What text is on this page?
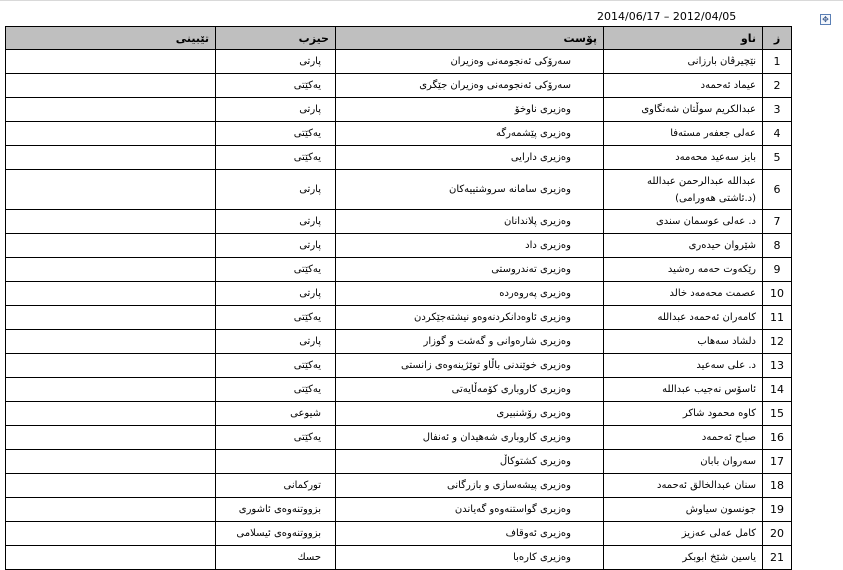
2014/06/17 – 2012/04/05	✥
ز	ناو	پۆست	حیزب	تێبینی
1	نێچیرڤان بارزانی	سەرۆکی ئەنجومەنی وەزیران	پارتی	
2	عیماد ئەحمەد	سەرۆکی ئەنجومەنی وەزیران جێگری	یەکێتی	
3	عبدالکریم سوڵتان شەنگاوی	وەزیری ناوخۆ	پارتی	
4	عەلی جعفەر مستەفا	وەزیری پێشمەرگە	یەکێتی	
5	بایز سەعید محەمەد	وەزیری دارایی	یەکێتی	
6	عبدالله عبدالرحمن عبدالله (د.ئاشتی هەورامی)	وەزیری سامانە سروشتییەکان	پارتی	
7	د. عەلی عوسمان سندی	وەزیری پلاندانان	پارتی	
8	شێروان حیدەری	وەزیری داد	پارتی	
9	رێکەوت حەمە رەشید	وەزیری تەندروستی	یەکێتی	
10	عصمت محەمەد خالد	وەزیری پەروەردە	پارتی	
11	کامەران ئەحمەد عبدالله	وەزیری ئاوەدانکردنەوەو نیشتەجێکردن	یەکێتی	
12	دلشاد سەهاب	وەزیری شارەوانی و گەشت و گوزار	پارتی	
13	د. علی سەعید	وەزیری خوێندنی باڵاو توێژینەوەی زانستی	یەکێتی	
14	ئاسۆس نەجیب عبدالله	وەزیری کاروباری کۆمەڵایەتی	یەکێتی	
15	کاوە محمود شاکر	وەزیری رۆشنبیری	شیوعی	
16	صباح ئەحمەد	وەزیری کاروباری شەهیدان و ئەنفال	یەکێتی	
17	سەروان بابان	وەزیری کشتوکاڵ		
18	سنان عبدالخالق ئەحمەد	وەزیری پیشەسازی و بازرگانی	تورکمانی	
19	جونسون سیاوش	وەزیری گواستنەوەو گەیاندن	بزووتنەوەی ئاشوری	
20	کامل عەلی عەزیز	وەزیری ئەوقاف	بزووتنەوەی ئیسلامی	
21	یاسین شێخ ابوبکر	وەزیری کارەبا	حسك	
